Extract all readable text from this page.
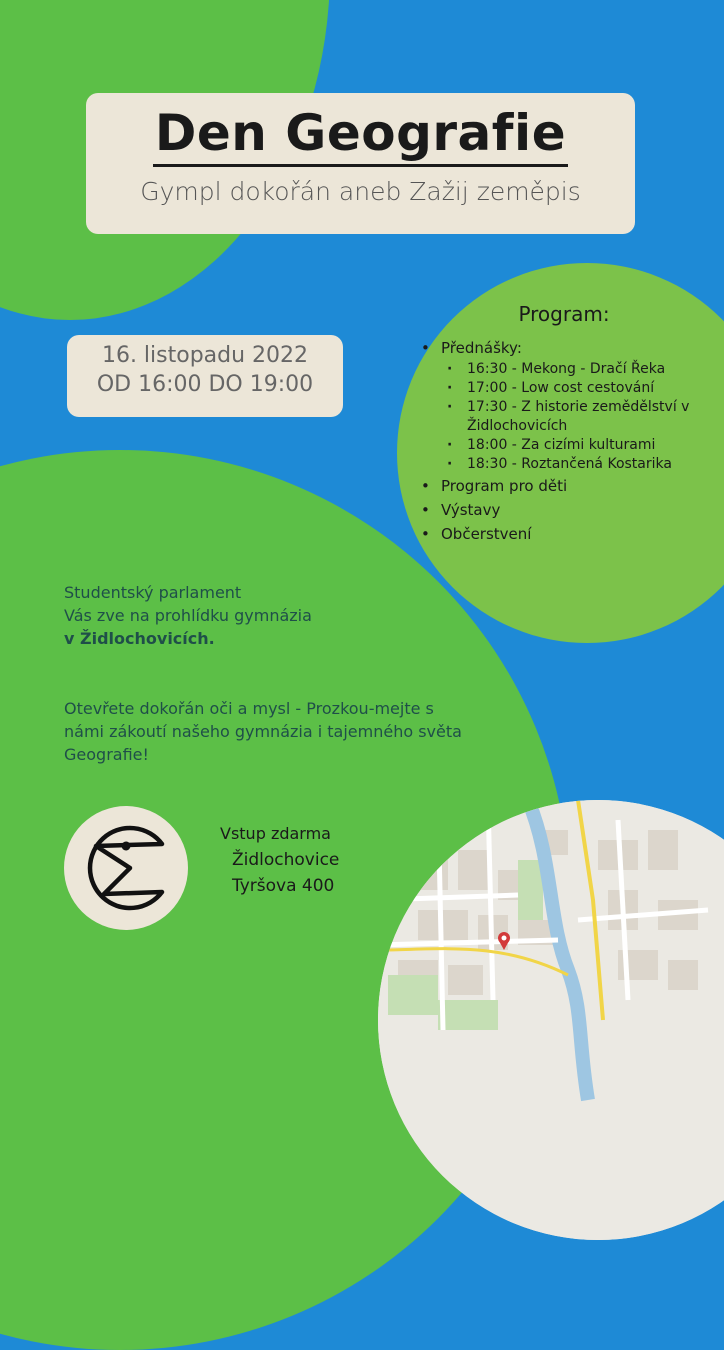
Den Geografie
Gympl dokořán aneb Zažij zeměpis
16. listopadu 2022
OD 16:00 DO 19:00
Program:
• Přednášky:
· 16:30 - Mekong - Dračí Řeka
· 17:00 - Low cost cestování
· 17:30 - Z historie zemědělství v Židlochovicích
· 18:00 - Za cizími kulturami
· 18:30 - Roztančená Kostarika
• Program pro děti
• Výstavy
• Občerstvení
Studentský parlament
Vás zve na prohlídku gymnázia
v Židlochovicích.
Otevřete dokořán oči a mysl - Prozkou-mejte s námi zákoutí našeho gymnázia i tajemného světa Geografie!
Vstup zdarma
Židlochovice
Tyršova 400
